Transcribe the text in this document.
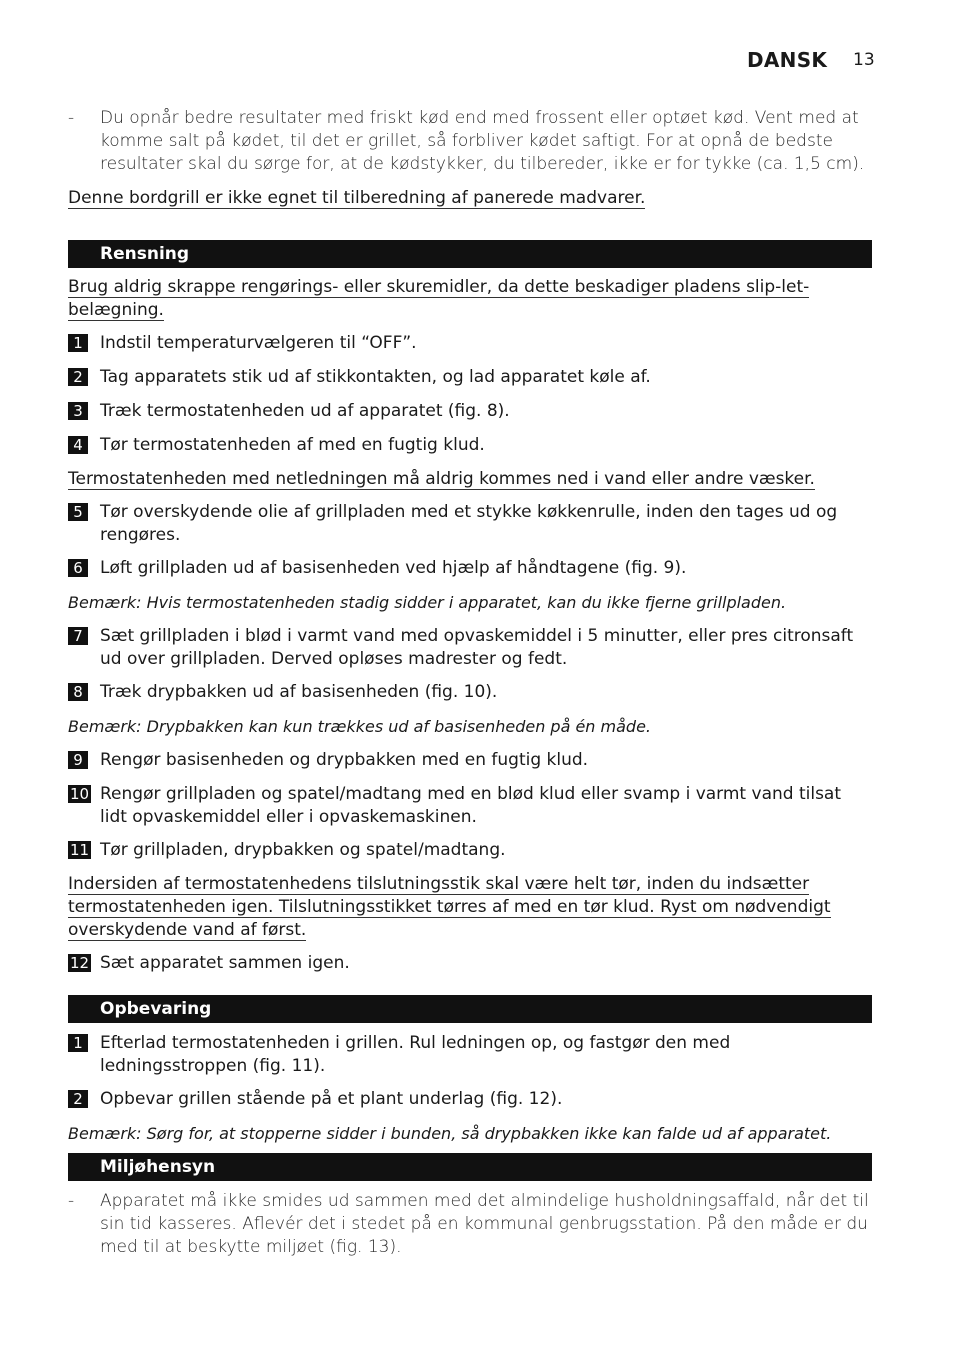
DANSK 13
- Du opnår bedre resultater med friskt kød end med frossent eller optøet kød. Vent med at komme salt på kødet, til det er grillet, så forbliver kødet saftigt. For at opnå de bedste resultater skal du sørge for, at de kødstykker, du tilbereder, ikke er for tykke (ca. 1,5 cm).
Denne bordgrill er ikke egnet til tilberedning af panerede madvarer.
Rensning
Brug aldrig skrappe rengørings- eller skuremidler, da dette beskadiger pladens slip-let-belægning.
1	Indstil temperaturvælgeren til “OFF”.
2	Tag apparatets stik ud af stikkontakten, og lad apparatet køle af.
3	Træk termostatenheden ud af apparatet (fig. 8).
4	Tør termostatenheden af med en fugtig klud.
Termostatenheden med netledningen må aldrig kommes ned i vand eller andre væsker.
5	Tør overskydende olie af grillpladen med et stykke køkkenrulle, inden den tages ud og rengøres.
6	Løft grillpladen ud af basisenheden ved hjælp af håndtagene (fig. 9).
Bemærk: Hvis termostatenheden stadig sidder i apparatet, kan du ikke fjerne grillpladen.
7	Sæt grillpladen i blød i varmt vand med opvaskemiddel i 5 minutter, eller pres citronsaft ud over grillpladen. Derved opløses madrester og fedt.
8	Træk drypbakken ud af basisenheden (fig. 10).
Bemærk: Drypbakken kan kun trækkes ud af basisenheden på én måde.
9	Rengør basisenheden og drypbakken med en fugtig klud.
10 Rengør grillpladen og spatel/madtang med en blød klud eller svamp i varmt vand tilsat lidt opvaskemiddel eller i opvaskemaskinen.
11 Tør grillpladen, drypbakken og spatel/madtang.
Indersiden af termostatenhedens tilslutningsstik skal være helt tør, inden du indsætter
termostatenheden igen. Tilslutningsstikket tørres af med en tør klud. Ryst om nødvendigt
overskydende vand af først.
12 Sæt apparatet sammen igen.
Opbevaring
1	Efterlad termostatenheden i grillen. Rul ledningen op, og fastgør den med ledningsstroppen (fig. 11).
2	Opbevar grillen stående på et plant underlag (fig. 12).
Bemærk: Sørg for, at stopperne sidder i bunden, så drypbakken ikke kan falde ud af apparatet.
Miljøhensyn
- Apparatet må ikke smides ud sammen med det almindelige husholdningsaffald, når det til sin tid kasseres. Aflevér det i stedet på en kommunal genbrugsstation. På den måde er du med til at beskytte miljøet (fig. 13).
